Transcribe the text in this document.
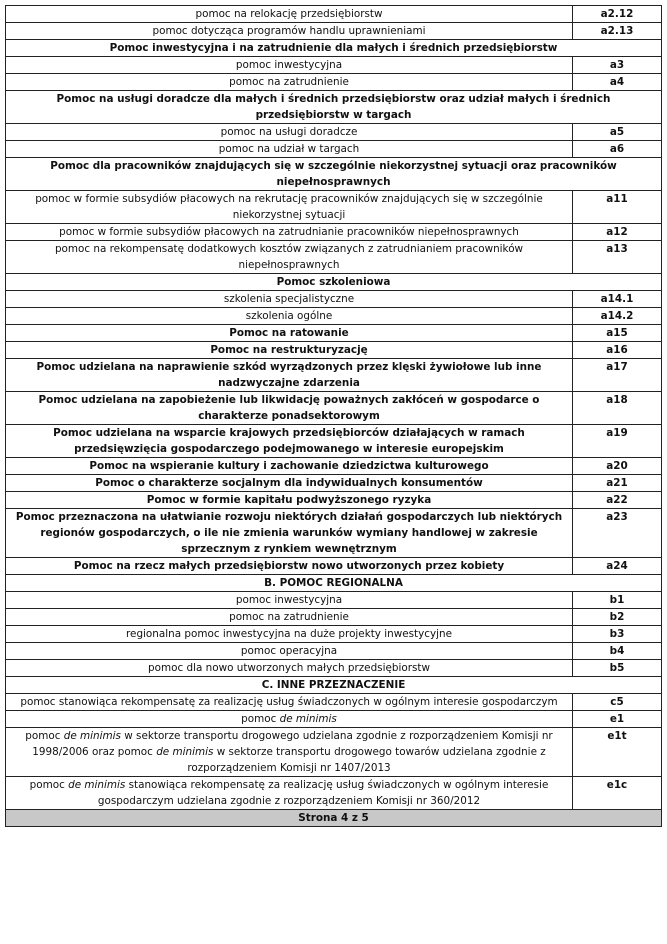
pomoc na relokację przedsiębiorstw	a2.12
pomoc dotycząca programów handlu uprawnieniami	a2.13
Pomoc inwestycyjna i na zatrudnienie dla małych i średnich przedsiębiorstw	
pomoc inwestycyjna	a3
pomoc na zatrudnienie	a4
Pomoc na usługi doradcze dla małych i średnich przedsiębiorstw oraz udział małych i średnich przedsiębiorstw w targach	
pomoc na usługi doradcze	a5
pomoc na udział w targach	a6
Pomoc dla pracowników znajdujących się w szczególnie niekorzystnej sytuacji oraz pracowników niepełnosprawnych	
pomoc w formie subsydiów płacowych na rekrutację pracowników znajdujących się w szczególnie niekorzystnej sytuacji	a11
pomoc w formie subsydiów płacowych na zatrudnianie pracowników niepełnosprawnych	a12
pomoc na rekompensatę dodatkowych kosztów związanych z zatrudnianiem pracowników niepełnosprawnych	a13
Pomoc szkoleniowa	
szkolenia specjalistyczne	a14.1
szkolenia ogólne	a14.2
Pomoc na ratowanie	a15
Pomoc na restrukturyzację	a16
Pomoc udzielana na naprawienie szkód wyrządzonych przez klęski żywiołowe lub inne nadzwyczajne zdarzenia	a17
Pomoc udzielana na zapobieżenie lub likwidację poważnych zakłóceń w gospodarce o charakterze ponadsektorowym	a18
Pomoc udzielana na wsparcie krajowych przedsiębiorców działających w ramach przedsięwzięcia gospodarczego podejmowanego w interesie europejskim	a19
Pomoc na wspieranie kultury i zachowanie dziedzictwa kulturowego	a20
Pomoc o charakterze socjalnym dla indywidualnych konsumentów	a21
Pomoc w formie kapitału podwyższonego ryzyka	a22
Pomoc przeznaczona na ułatwianie rozwoju niektórych działań gospodarczych lub niektórych regionów gospodarczych, o ile nie zmienia warunków wymiany handlowej w zakresie sprzecznym z rynkiem wewnętrznym	a23
Pomoc na rzecz małych przedsiębiorstw nowo utworzonych przez kobiety	a24
B. POMOC REGIONALNA	
pomoc inwestycyjna	b1
pomoc na zatrudnienie	b2
regionalna pomoc inwestycyjna na duże projekty inwestycyjne	b3
pomoc operacyjna	b4
pomoc dla nowo utworzonych małych przedsiębiorstw	b5
C. INNE PRZEZNACZENIE	
pomoc stanowiąca rekompensatę za realizację usług świadczonych w ogólnym interesie gospodarczym	c5
pomoc de minimis	e1
pomoc de minimis w sektorze transportu drogowego udzielana zgodnie z rozporządzeniem Komisji nr 1998/2006 oraz pomoc de minimis w sektorze transportu drogowego towarów udzielana zgodnie z rozporządzeniem Komisji nr 1407/2013	e1t
pomoc de minimis stanowiąca rekompensatę za realizację usług świadczonych w ogólnym interesie gospodarczym udzielana zgodnie z rozporządzeniem Komisji nr 360/2012	e1c
Strona 4 z 5	
